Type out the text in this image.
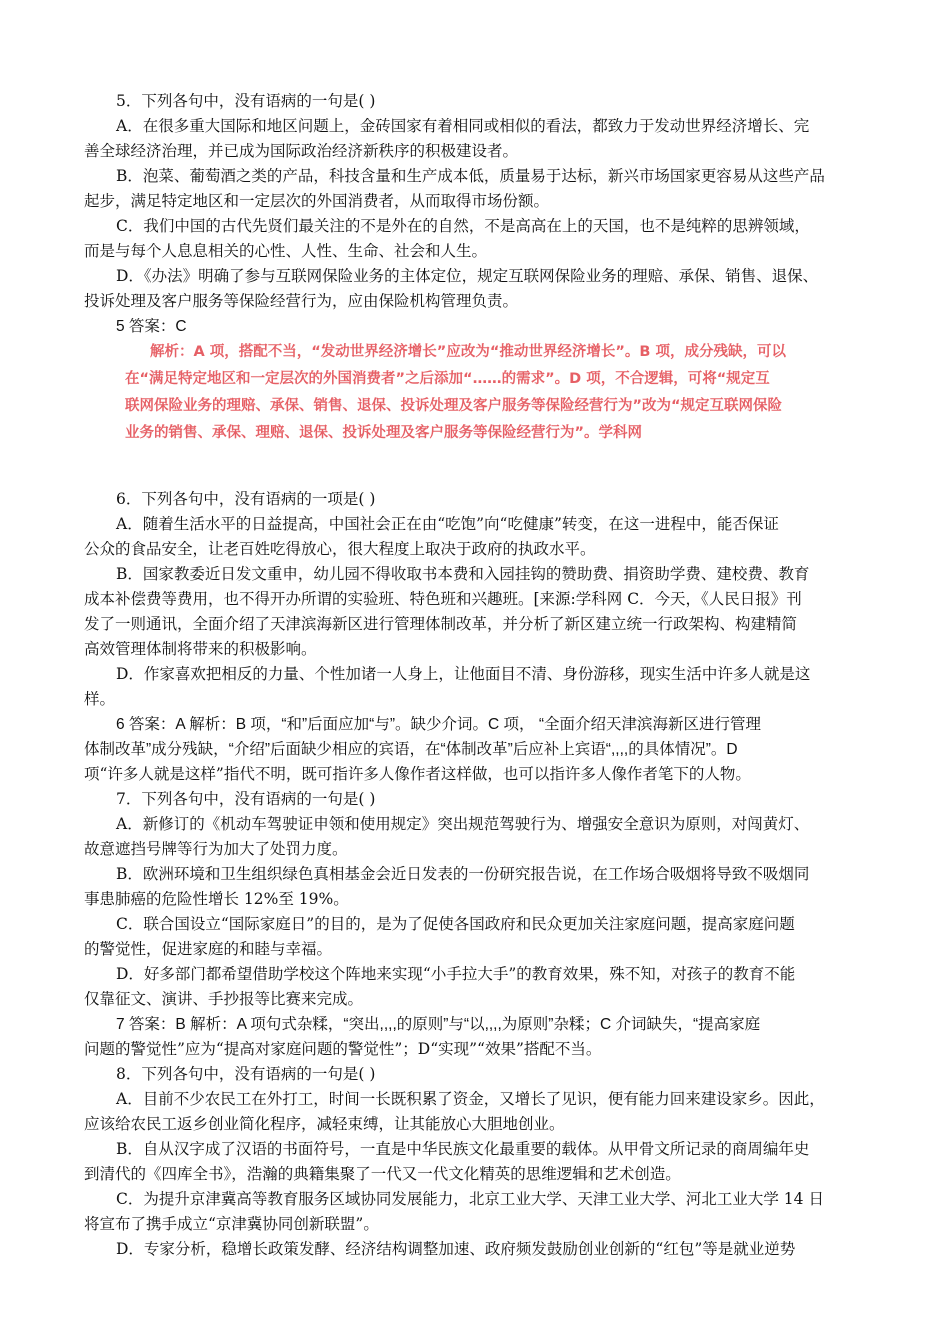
5．下列各句中，没有语病的一句是( )
A．在很多重大国际和地区问题上，金砖国家有着相同或相似的看法，都致力于发动世界经济增长、完
善全球经济治理，并已成为国际政治经济新秩序的积极建设者。
B．泡菜、葡萄酒之类的产品，科技含量和生产成本低，质量易于达标，新兴市场国家更容易从这些产品
起步，满足特定地区和一定层次的外国消费者，从而取得市场份额。
C．我们中国的古代先贤们最关注的不是外在的自然，不是高高在上的天国，也不是纯粹的思辨领域，
而是与每个人息息相关的心性、人性、生命、社会和人生。
D．《办法》明确了参与互联网保险业务的主体定位，规定互联网保险业务的理赔、承保、销售、退保、
投诉处理及客户服务等保险经营行为，应由保险机构管理负责。
5 答案：C
解析：A 项，搭配不当，“发动世界经济增长”应改为“推动世界经济增长”。B 项，成分残缺，可以
在“满足特定地区和一定层次的外国消费者”之后添加“……的需求”。D 项，不合逻辑，可将“规定互
联网保险业务的理赔、承保、销售、退保、投诉处理及客户服务等保险经营行为”改为“规定互联网保险
业务的销售、承保、理赔、退保、投诉处理及客户服务等保险经营行为”。学科网
6．下列各句中，没有语病的一项是( )
A．随着生活水平的日益提高，中国社会正在由“吃饱”向“吃健康”转变，在这一进程中，能否保证
公众的食品安全，让老百姓吃得放心，很大程度上取决于政府的执政水平。
B．国家教委近日发文重申，幼儿园不得收取书本费和入园挂钩的赞助费、捐资助学费、建校费、教育
成本补偿费等费用，也不得开办所谓的实验班、特色班和兴趣班。[来源:学科网 C．今天，《人民日报》刊
发了一则通讯，全面介绍了天津滨海新区进行管理体制改革，并分析了新区建立统一行政架构、构建精简
高效管理体制将带来的积极影响。
D．作家喜欢把相反的力量、个性加诸一人身上，让他面目不清、身份游移，现实生活中许多人就是这
样。
6 答案：A 解析：B 项，“和”后面应加“与”。缺少介词。C 项， “全面介绍天津滨海新区进行管理
体制改革”成分残缺，“介绍”后面缺少相应的宾语，在“体制改革”后应补上宾语“,,,,的具体情况”。D
项“许多人就是这样”指代不明，既可指许多人像作者这样做，也可以指许多人像作者笔下的人物。
7．下列各句中，没有语病的一句是( )
A．新修订的《机动车驾驶证申领和使用规定》突出规范驾驶行为、增强安全意识为原则，对闯黄灯、
故意遮挡号牌等行为加大了处罚力度。
B．欧洲环境和卫生组织绿色真相基金会近日发表的一份研究报告说，在工作场合吸烟将导致不吸烟同
事患肺癌的危险性增长 12%至 19%。
C．联合国设立“国际家庭日”的目的，是为了促使各国政府和民众更加关注家庭问题，提高家庭问题
的警觉性，促进家庭的和睦与幸福。
D．好多部门都希望借助学校这个阵地来实现“小手拉大手”的教育效果，殊不知，对孩子的教育不能
仅靠征文、演讲、手抄报等比赛来完成。
7 答案：B 解析：A 项句式杂糅，“突出,,,,的原则”与“以,,,,为原则”杂糅；C 介词缺失，“提高家庭
问题的警觉性”应为“提高对家庭问题的警觉性”；D“实现”“效果”搭配不当。
8．下列各句中，没有语病的一句是( )
A．目前不少农民工在外打工，时间一长既积累了资金，又增长了见识，便有能力回来建设家乡。因此，
应该给农民工返乡创业简化程序，减轻束缚，让其能放心大胆地创业。
B．自从汉字成了汉语的书面符号，一直是中华民族文化最重要的载体。从甲骨文所记录的商周编年史
到清代的《四库全书》，浩瀚的典籍集聚了一代又一代文化精英的思维逻辑和艺术创造。
C．为提升京津冀高等教育服务区域协同发展能力，北京工业大学、天津工业大学、河北工业大学 14 日
将宣布了携手成立“京津冀协同创新联盟”。
D．专家分析，稳增长政策发酵、经济结构调整加速、政府频发鼓励创业创新的“红包”等是就业逆势
